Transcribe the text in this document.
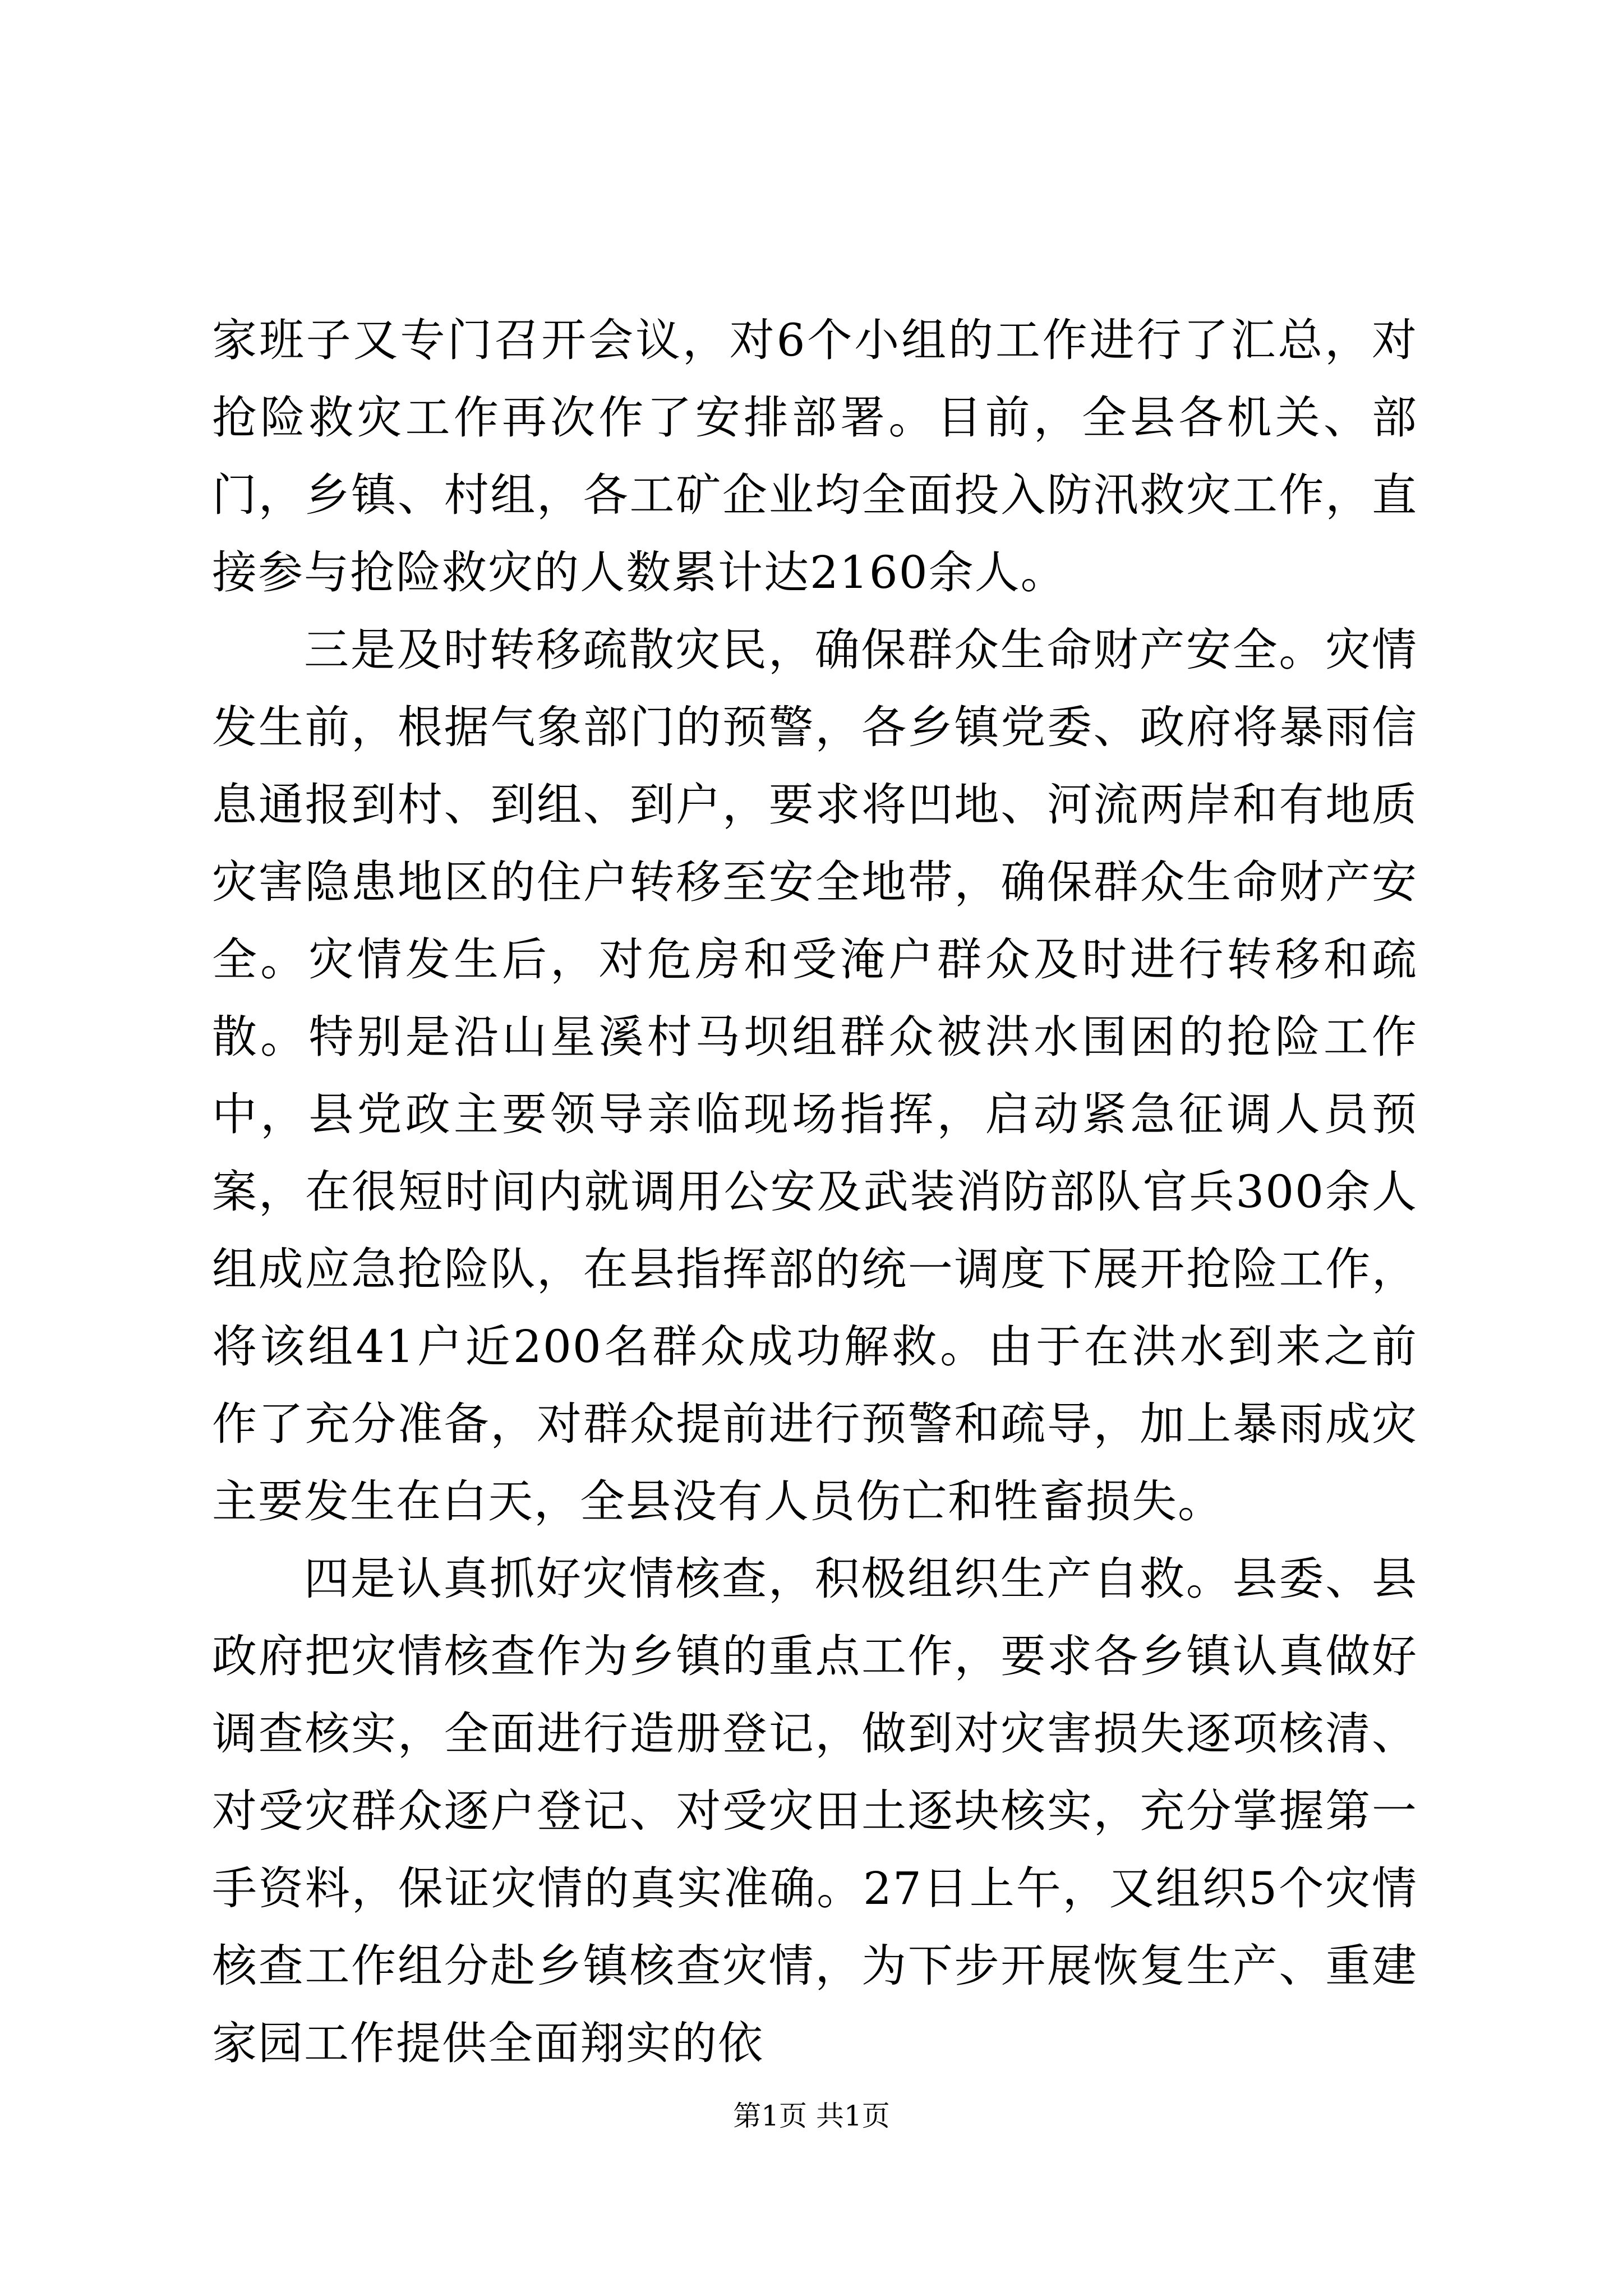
家班子又专门召开会议，对6个小组的工作进行了汇总，对抢险救灾工作再次作了安排部署。目前，全县各机关、部门，乡镇、村组，各工矿企业均全面投入防汛救灾工作，直接参与抢险救灾的人数累计达2160余人。

三是及时转移疏散灾民，确保群众生命财产安全。灾情发生前，根据气象部门的预警，各乡镇党委、政府将暴雨信息通报到村、到组、到户，要求将凹地、河流两岸和有地质灾害隐患地区的住户转移至安全地带，确保群众生命财产安全。灾情发生后，对危房和受淹户群众及时进行转移和疏散。特别是沿山星溪村马坝组群众被洪水围困的抢险工作中，县党政主要领导亲临现场指挥，启动紧急征调人员预案，在很短时间内就调用公安及武装消防部队官兵300余人组成应急抢险队，在县指挥部的统一调度下展开抢险工作，将该组41户近200名群众成功解救。由于在洪水到来之前作了充分准备，对群众提前进行预警和疏导，加上暴雨成灾主要发生在白天，全县没有人员伤亡和牲畜损失。

四是认真抓好灾情核查，积极组织生产自救。县委、县政府把灾情核查作为乡镇的重点工作，要求各乡镇认真做好调查核实，全面进行造册登记，做到对灾害损失逐项核清、对受灾群众逐户登记、对受灾田土逐块核实，充分掌握第一手资料，保证灾情的真实准确。27日上午，又组织5个灾情核查工作组分赴乡镇核查灾情，为下步开展恢复生产、重建家园工作提供全面翔实的依

第1页 共1页
